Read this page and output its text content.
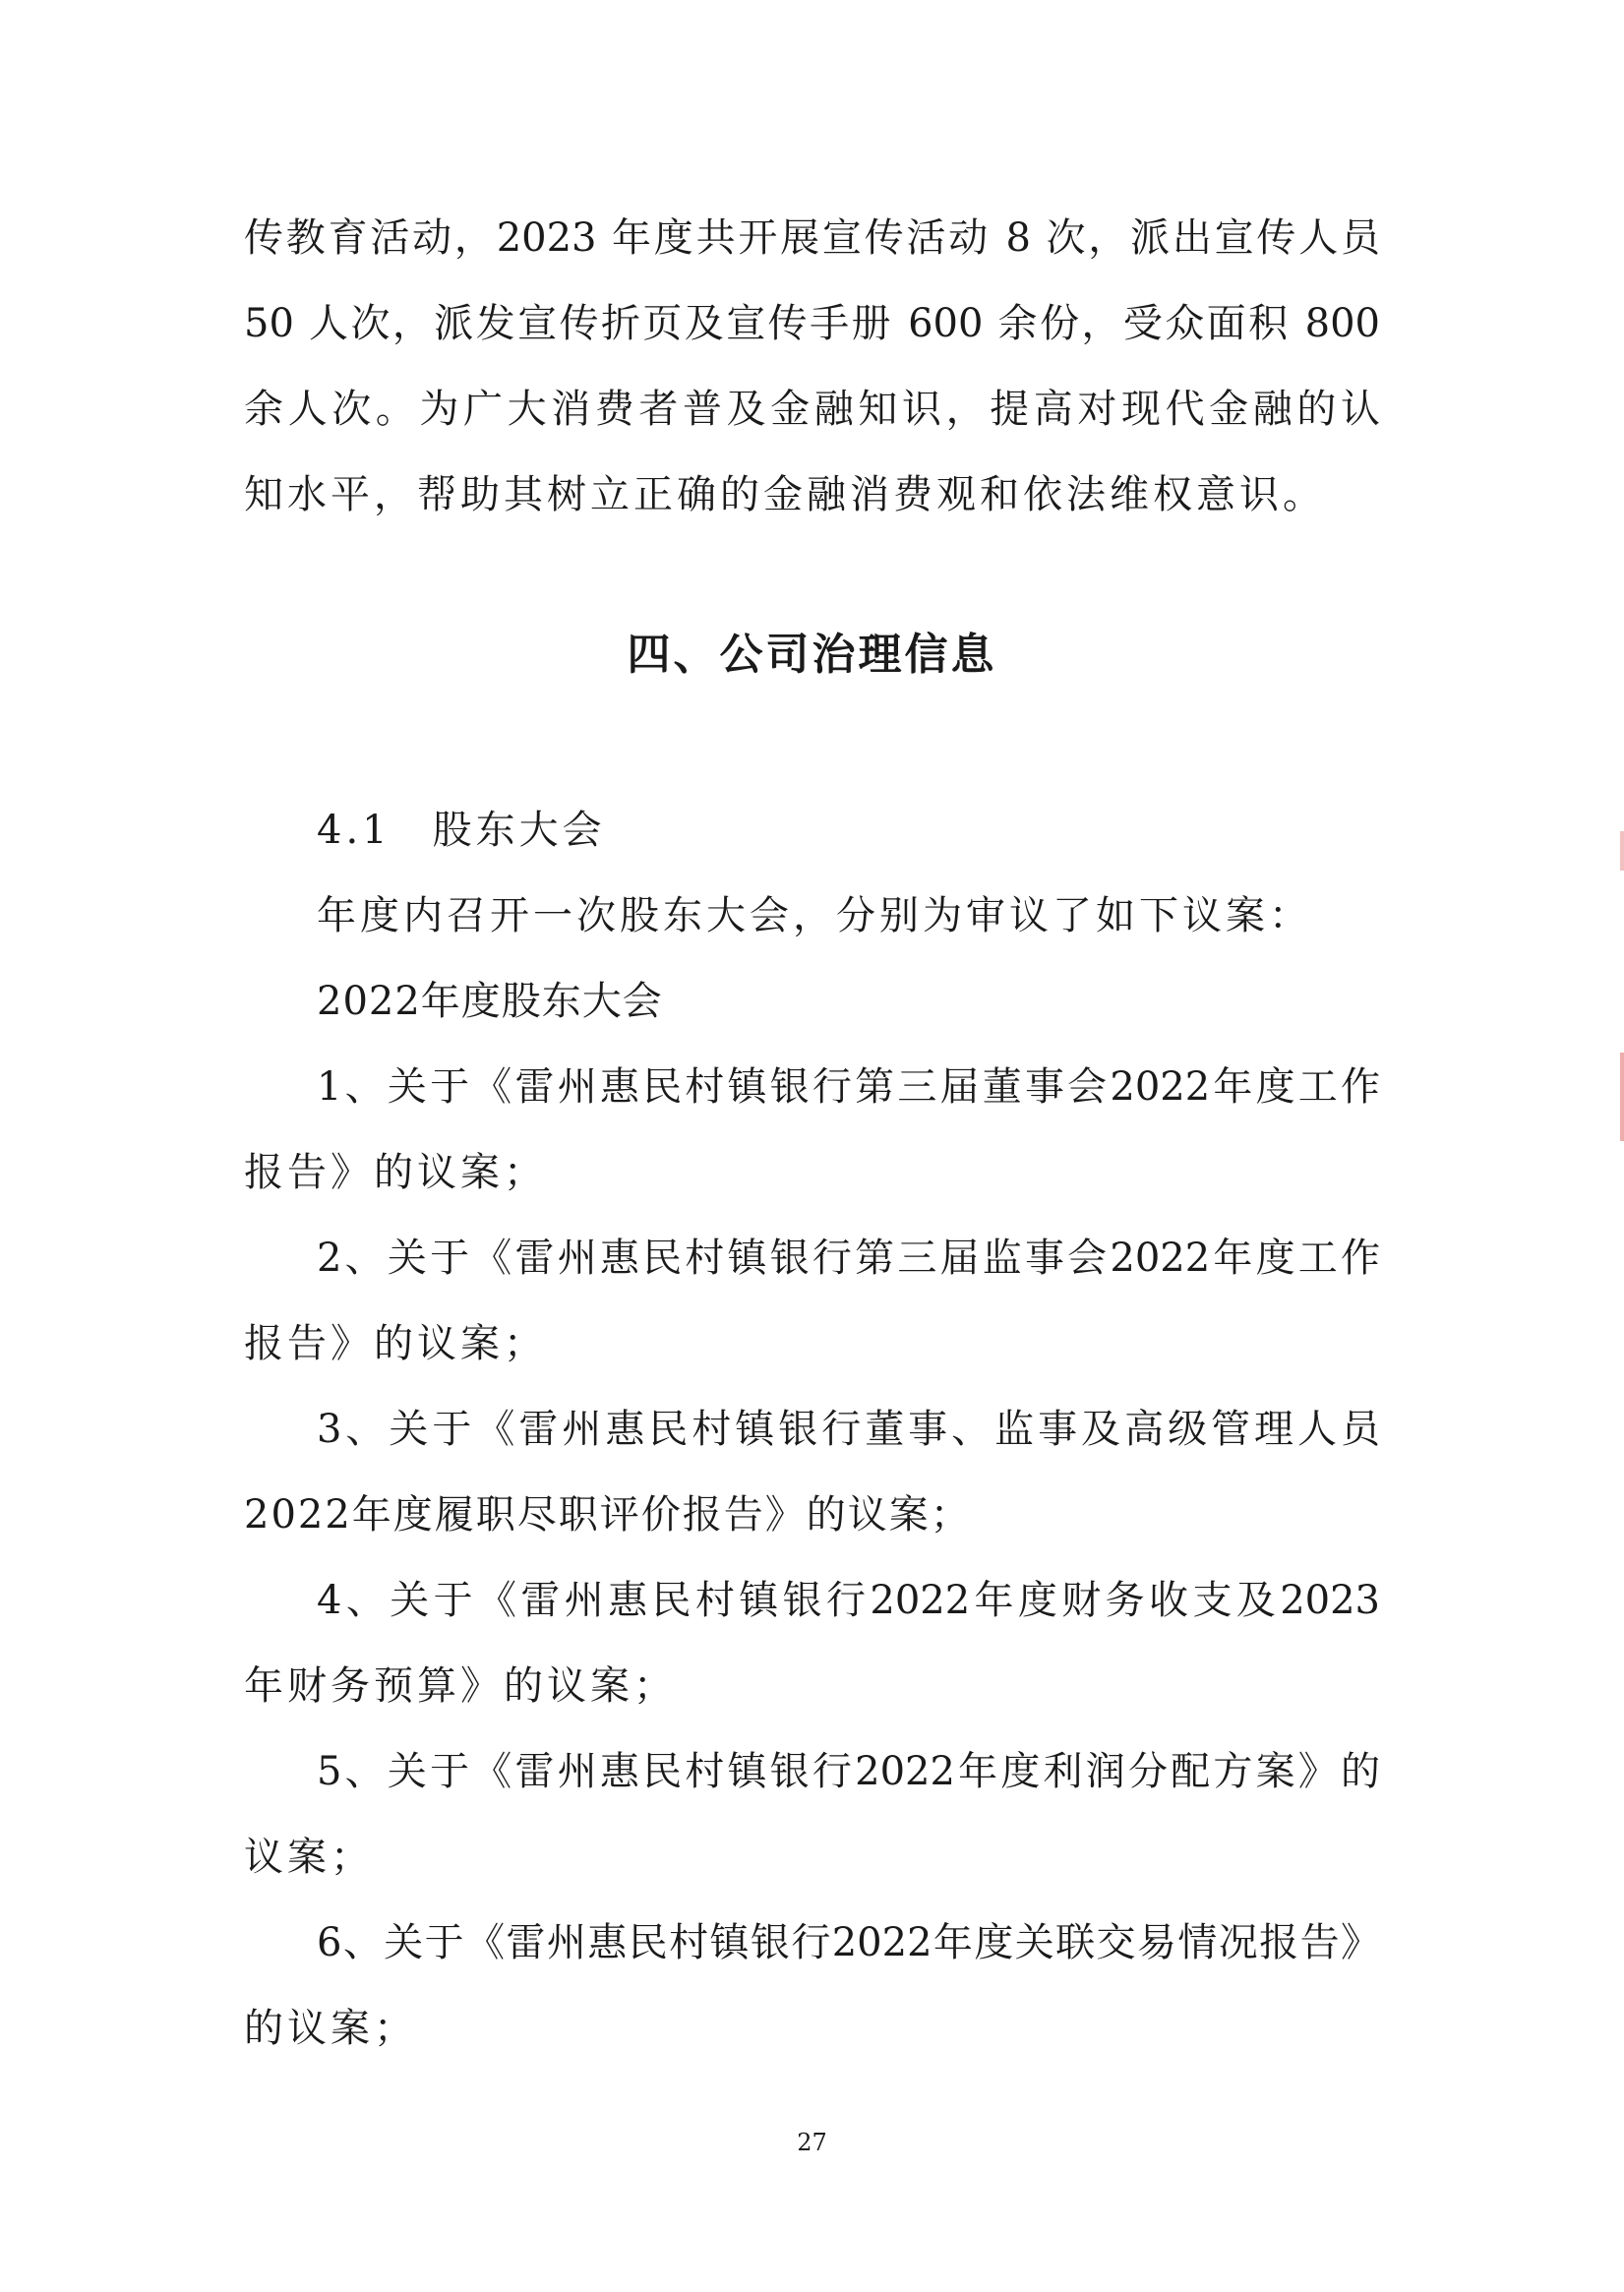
传教育活动，2023 年度共开展宣传活动 8 次，派出宣传人员
50 人次，派发宣传折页及宣传手册 600 余份，受众面积 800
余人次。为广大消费者普及金融知识，提高对现代金融的认
知水平，帮助其树立正确的金融消费观和依法维权意识。
四、公司治理信息
4.1 股东大会
年度内召开一次股东大会，分别为审议了如下议案：
2022年度股东大会
1、关于《雷州惠民村镇银行第三届董事会2022年度工作
报告》的议案；
2、关于《雷州惠民村镇银行第三届监事会2022年度工作
报告》的议案；
3、关于《雷州惠民村镇银行董事、监事及高级管理人员
2022年度履职尽职评价报告》的议案；
4、关于《雷州惠民村镇银行2022年度财务收支及2023
年财务预算》的议案；
5、关于《雷州惠民村镇银行2022年度利润分配方案》的
议案；
6、关于《雷州惠民村镇银行2022年度关联交易情况报告》
的议案；
27
